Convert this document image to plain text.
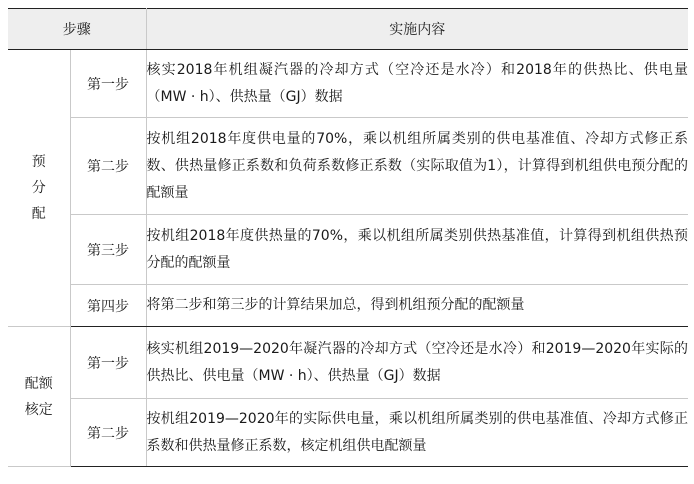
步骤		实施内容

预
分
配	第一步	核实2018年机组凝汽器的冷却方式（空冷还是水冷）和2018年的供热比、供电量（MW · h）、供热量（GJ）数据
	第二步	按机组2018年度供电量的70%，乘以机组所属类别的供电基准值、冷却方式修正系数、供热量修正系数和负荷系数修正系数（实际取值为1），计算得到机组供电预分配的配额量
	第三步	按机组2018年度供热量的70%，乘以机组所属类别供热基准值，计算得到机组供热预分配的配额量
	第四步	将第二步和第三步的计算结果加总，得到机组预分配的配额量

配额
核定	第一步	核实机组2019—2020年凝汽器的冷却方式（空冷还是水冷）和2019—2020年实际的供热比、供电量（MW · h）、供热量（GJ）数据
	第二步	按机组2019—2020年的实际供电量，乘以机组所属类别的供电基准值、冷却方式修正系数和供热量修正系数，核定机组供电配额量
